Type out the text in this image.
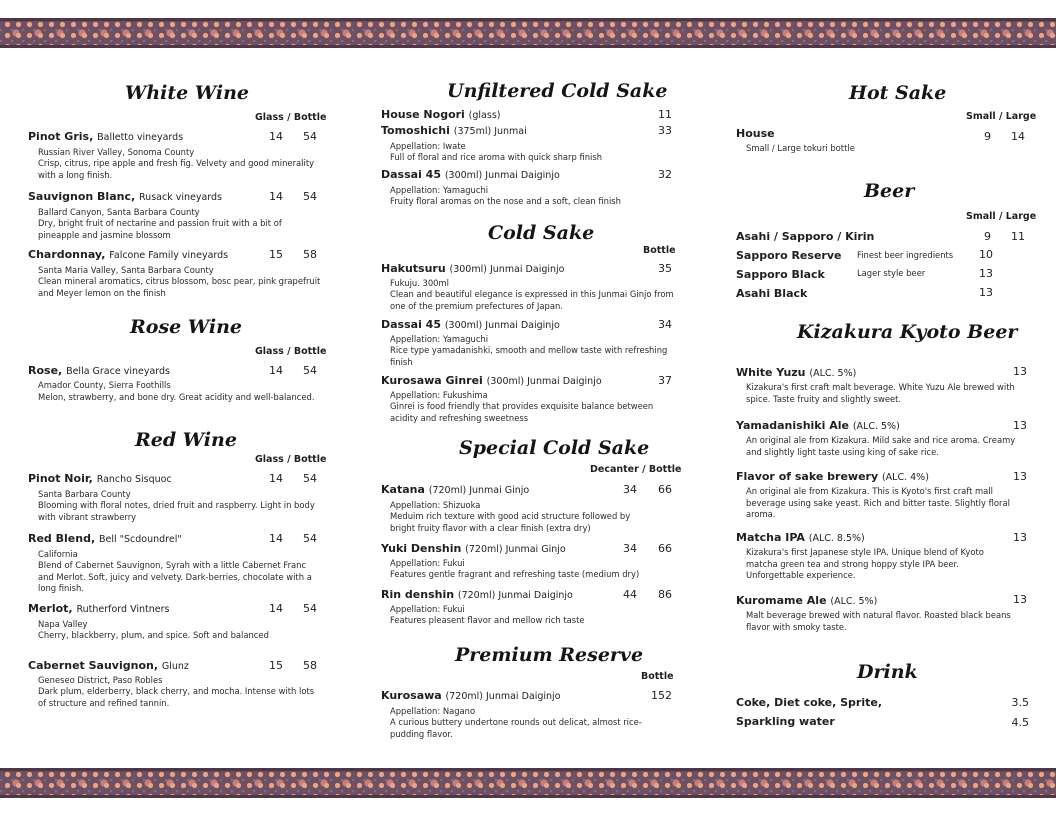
White Wine
Glass / Bottle
Pinot Gris, Balletto vineyards	14	54
Russian River Valley, Sonoma County
Crisp, citrus, ripe apple and fresh fig. Velvety and good minerality with a long finish.
Sauvignon Blanc, Rusack vineyards	14	54
Ballard Canyon, Santa Barbara County
Dry, bright fruit of nectarine and passion fruit with a bit of pineapple and jasmine blossom
Chardonnay, Falcone Family vineyards	15	58
Santa Maria Valley, Santa Barbara County
Clean mineral aromatics, citrus blossom, bosc pear, pink grapefruit and Meyer lemon on the finish
Rose Wine
Glass / Bottle
Rose, Bella Grace vineyards	14	54
Amador County, Sierra Foothills
Melon, strawberry, and bone dry. Great acidity and well-balanced.
Red Wine
Glass / Bottle
Pinot Noir, Rancho Sisquoc	14	54
Santa Barbara County
Blooming with floral notes, dried fruit and raspberry. Light in body with vibrant strawberry
Red Blend, Bell "Scdoundrel"	14	54
California
Blend of Cabernet Sauvignon, Syrah with a little Cabernet Franc and Merlot. Soft, juicy and velvety. Dark-berries, chocolate with a long finish.
Merlot, Rutherford Vintners	14	54
Napa Valley
Cherry, blackberry, plum, and spice. Soft and balanced
Cabernet Sauvignon, Glunz	15	58
Geneseo District, Paso Robles
Dark plum, elderberry, black cherry, and mocha. Intense with lots of structure and refined tannin.
Unfiltered Cold Sake
House Nogori (glass)	11
Tomoshichi (375ml) Junmai	33
Appellation: Iwate
Full of floral and rice aroma with quick sharp finish
Dassai 45 (300ml) Junmai Daiginjo	32
Appellation: Yamaguchi
Fruity floral aromas on the nose and a soft, clean finish
Cold Sake
Bottle
Hakutsuru (300ml) Junmai Daiginjo	35
Fukuju. 300ml
Clean and beautiful elegance is expressed in this Junmai Ginjo from one of the premium prefectures of Japan.
Dassai 45 (300ml) Junmai Daiginjo	34
Appellation: Yamaguchi
Rice type yamadanishki, smooth and mellow taste with refreshing finish
Kurosawa Ginrei (300ml) Junmai Daiginjo	37
Appellation: Fukushima
Ginrei is food friendly that provides exquisite balance between acidity and refreshing sweetness
Special Cold Sake
Decanter / Bottle
Katana (720ml) Junmai Ginjo	34	66
Appellation: Shizuoka
Meduim rich texture with good acid structure followed by bright fruity flavor with a clear finish (extra dry)
Yuki Denshin (720ml) Junmai Ginjo	34	66
Appellation: Fukui
Features gentle fragrant and refreshing taste (medium dry)
Rin denshin (720ml) Junmai Daiginjo	44	86
Appellation: Fukui
Features pleasent flavor and mellow rich taste
Premium Reserve
Bottle
Kurosawa (720ml) Junmai Daiginjo	152
Appellation: Nagano
A curious buttery undertone rounds out delicat, almost rice-pudding flavor.
Hot Sake
Small / Large
House	9	14
Small / Large tokuri bottle
Beer
Small / Large
Asahi / Sapporo / Kirin	9	11
Sapporo Reserve Finest beer ingredients	10
Sapporo Black	Lager style beer	13
Asahi Black	13
Kizakura Kyoto Beer
White Yuzu (ALC. 5%)	13
Kizakura's first craft malt beverage. White Yuzu Ale brewed with spice. Taste fruity and slightly sweet.
Yamadanishiki Ale (ALC. 5%)	13
An original ale from Kizakura. Mild sake and rice aroma. Creamy and slightly light taste using king of sake rice.
Flavor of sake brewery (ALC. 4%)	13
An original ale from Kizakura. This is Kyoto's first craft mall beverage using sake yeast. Rich and bitter taste. Slightly floral aroma.
Matcha IPA (ALC. 8.5%)	13
Kizakura's first Japanese style IPA. Unique blend of Kyoto matcha green tea and strong hoppy style IPA beer. Unforgettable experience.
Kuromame Ale (ALC. 5%)	13
Malt beverage brewed with natural flavor. Roasted black beans flavor with smoky taste.
Drink
Coke, Diet coke, Sprite,	3.5
Sparkling water	4.5
